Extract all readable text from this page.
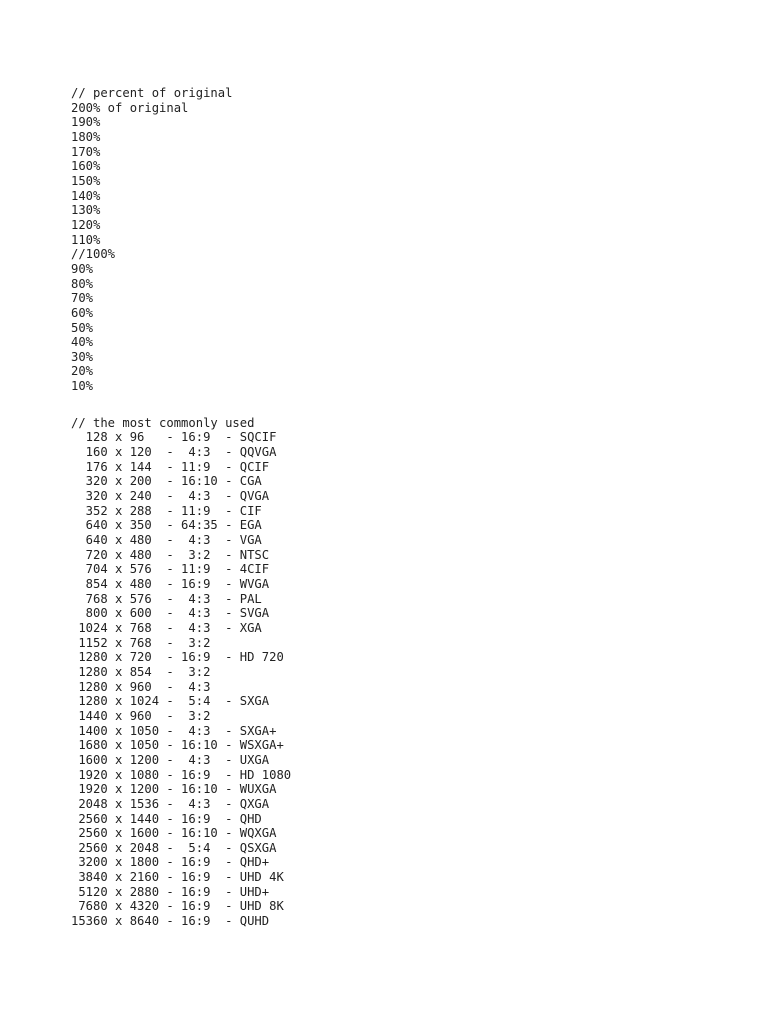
// percent of original
200% of original
190%
180%
170%
160%
150%
140%
130%
120%
110%
//100%
90%
80%
70%
60%
50%
40%
30%
20%
10%
// the most commonly used
128 x 96   - 16:9  - SQCIF
160 x 120  -  4:3  - QQVGA
176 x 144  - 11:9  - QCIF
320 x 200  - 16:10 - CGA
320 x 240  -  4:3  - QVGA
352 x 288  - 11:9  - CIF
640 x 350  - 64:35 - EGA
640 x 480  -  4:3  - VGA
720 x 480  -  3:2  - NTSC
704 x 576  - 11:9  - 4CIF
854 x 480  - 16:9  - WVGA
768 x 576  -  4:3  - PAL
800 x 600  -  4:3  - SVGA
1024 x 768  -  4:3  - XGA
1152 x 768  -  3:2
1280 x 720  - 16:9  - HD 720
1280 x 854  -  3:2
1280 x 960  -  4:3
1280 x 1024 -  5:4  - SXGA
1440 x 960  -  3:2
1400 x 1050 -  4:3  - SXGA+
1680 x 1050 - 16:10 - WSXGA+
1600 x 1200 -  4:3  - UXGA
1920 x 1080 - 16:9  - HD 1080
1920 x 1200 - 16:10 - WUXGA
2048 x 1536 -  4:3  - QXGA
2560 x 1440 - 16:9  - QHD
2560 x 1600 - 16:10 - WQXGA
2560 x 2048 -  5:4  - QSXGA
3200 x 1800 - 16:9  - QHD+
3840 x 2160 - 16:9  - UHD 4K
5120 x 2880 - 16:9  - UHD+
7680 x 4320 - 16:9  - UHD 8K
15360 x 8640 - 16:9  - QUHD
